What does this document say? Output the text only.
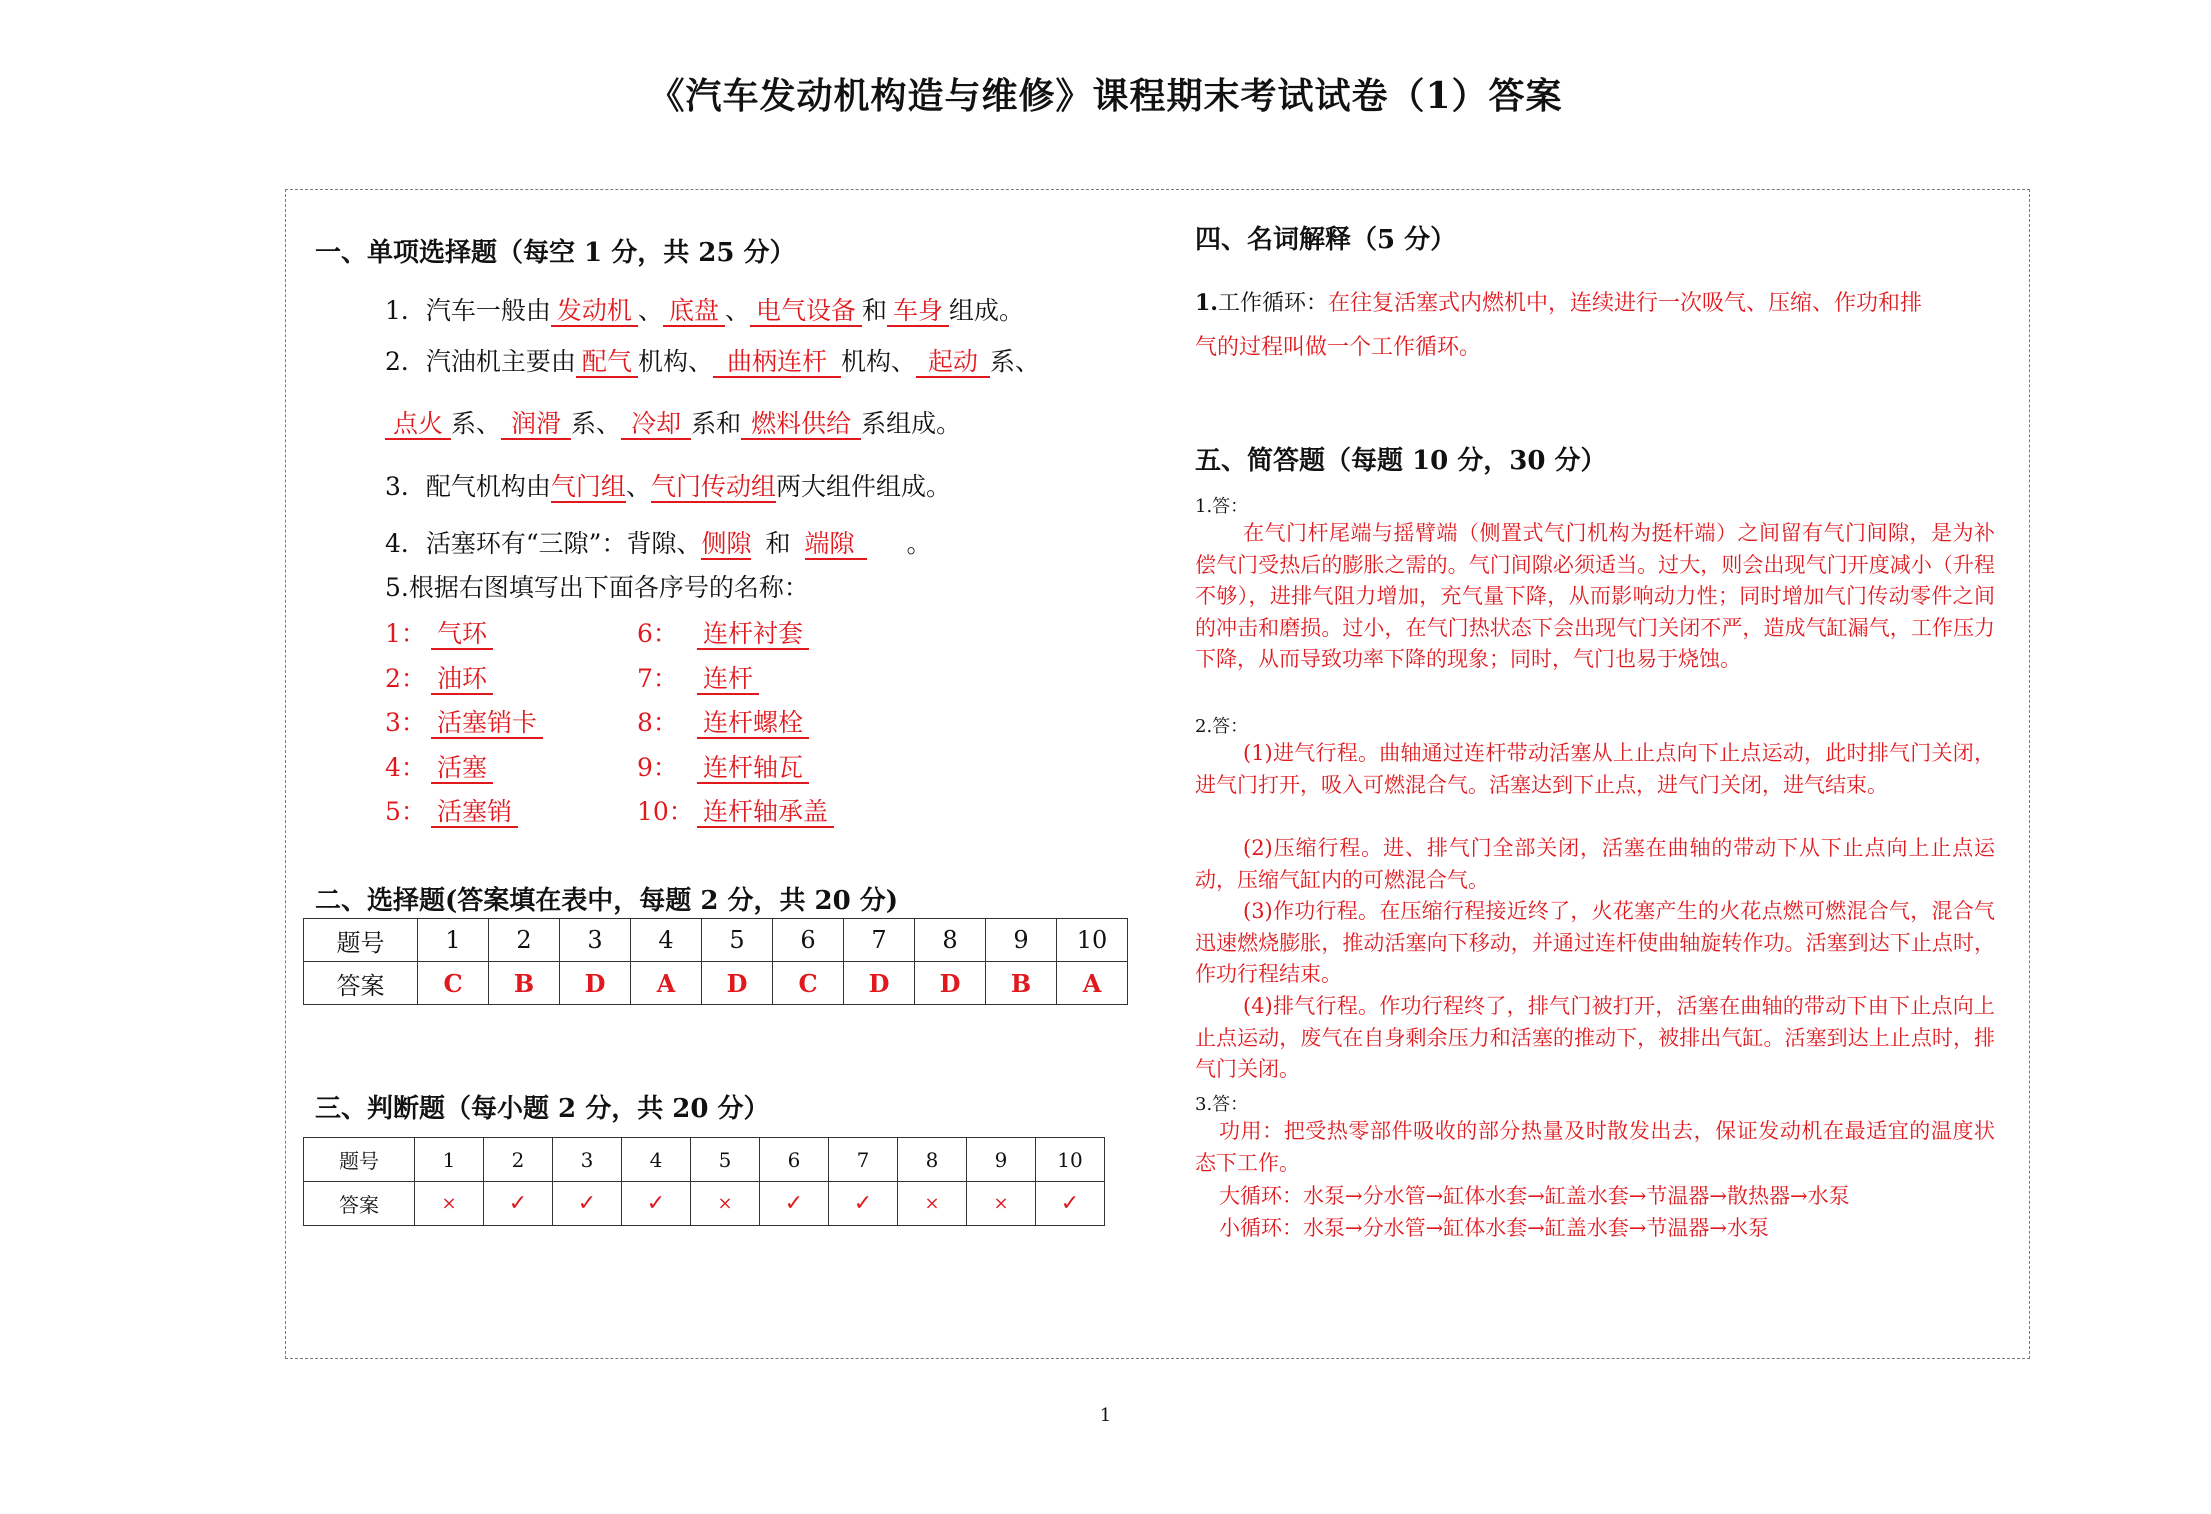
《汽车发动机构造与维修》课程期末考试试卷（1）答案
一、单项选择题（每空 1 分，共 25 分）
1．汽车一般由 发动机 、 底盘 、 电气设备 和 车身 组成。
2．汽油机主要由 配气 机构、 曲柄连杆 机构、 起动 系、
点火 系、 润滑 系、 冷却 系和 燃料供给 系组成。
3．配气机构由气门组、气门传动组两大组件组成。
4．活塞环有“三隙”：背隙、侧隙 和 端隙 。
5.根据右图填写出下面各序号的名称：
1： 气环
2： 油环
3： 活塞销卡
4： 活塞
5： 活塞销
6： 连杆衬套
7： 连杆
8： 连杆螺栓
9： 连杆轴瓦
10： 连杆轴承盖
二、选择题(答案填在表中，每题 2 分，共 20 分)
题号	1	2	3	4	5	6	7	8	9	10
答案	C	B	D	A	D	C	D	D	B	A
三、判断题（每小题 2 分，共 20 分）
题号	1	2	3	4	5	6	7	8	9	10
答案	×	✓	✓	✓	×	✓	✓	×	×	✓
四、名词解释（5 分）
1.工作循环：在往复活塞式内燃机中，连续进行一次吸气、压缩、作功和排
气的过程叫做一个工作循环。
五、简答题（每题 10 分，30 分）
1.答：
在气门杆尾端与摇臂端（侧置式气门机构为挺杆端）之间留有气门间隙，是为补偿气门受热后的膨胀之需的。气门间隙必须适当。过大，则会出现气门开度减小（升程不够），进排气阻力增加，充气量下降，从而影响动力性；同时增加气门传动零件之间的冲击和磨损。过小，在气门热状态下会出现气门关闭不严，造成气缸漏气，工作压力下降，从而导致功率下降的现象；同时，气门也易于烧蚀。
2.答：
(1)进气行程。曲轴通过连杆带动活塞从上止点向下止点运动，此时排气门关闭，进气门打开，吸入可燃混合气。活塞达到下止点，进气门关闭，进气结束。
(2)压缩行程。进、排气门全部关闭，活塞在曲轴的带动下从下止点向上止点运动，压缩气缸内的可燃混合气。
(3)作功行程。在压缩行程接近终了，火花塞产生的火花点燃可燃混合气，混合气迅速燃烧膨胀，推动活塞向下移动，并通过连杆使曲轴旋转作功。活塞到达下止点时，作功行程结束。
(4)排气行程。作功行程终了，排气门被打开，活塞在曲轴的带动下由下止点向上止点运动，废气在自身剩余压力和活塞的推动下，被排出气缸。活塞到达上止点时，排气门关闭。
3.答：
功用：把受热零部件吸收的部分热量及时散发出去，保证发动机在最适宜的温度状态下工作。
大循环：水泵→分水管→缸体水套→缸盖水套→节温器→散热器→水泵
小循环：水泵→分水管→缸体水套→缸盖水套→节温器→水泵
1
